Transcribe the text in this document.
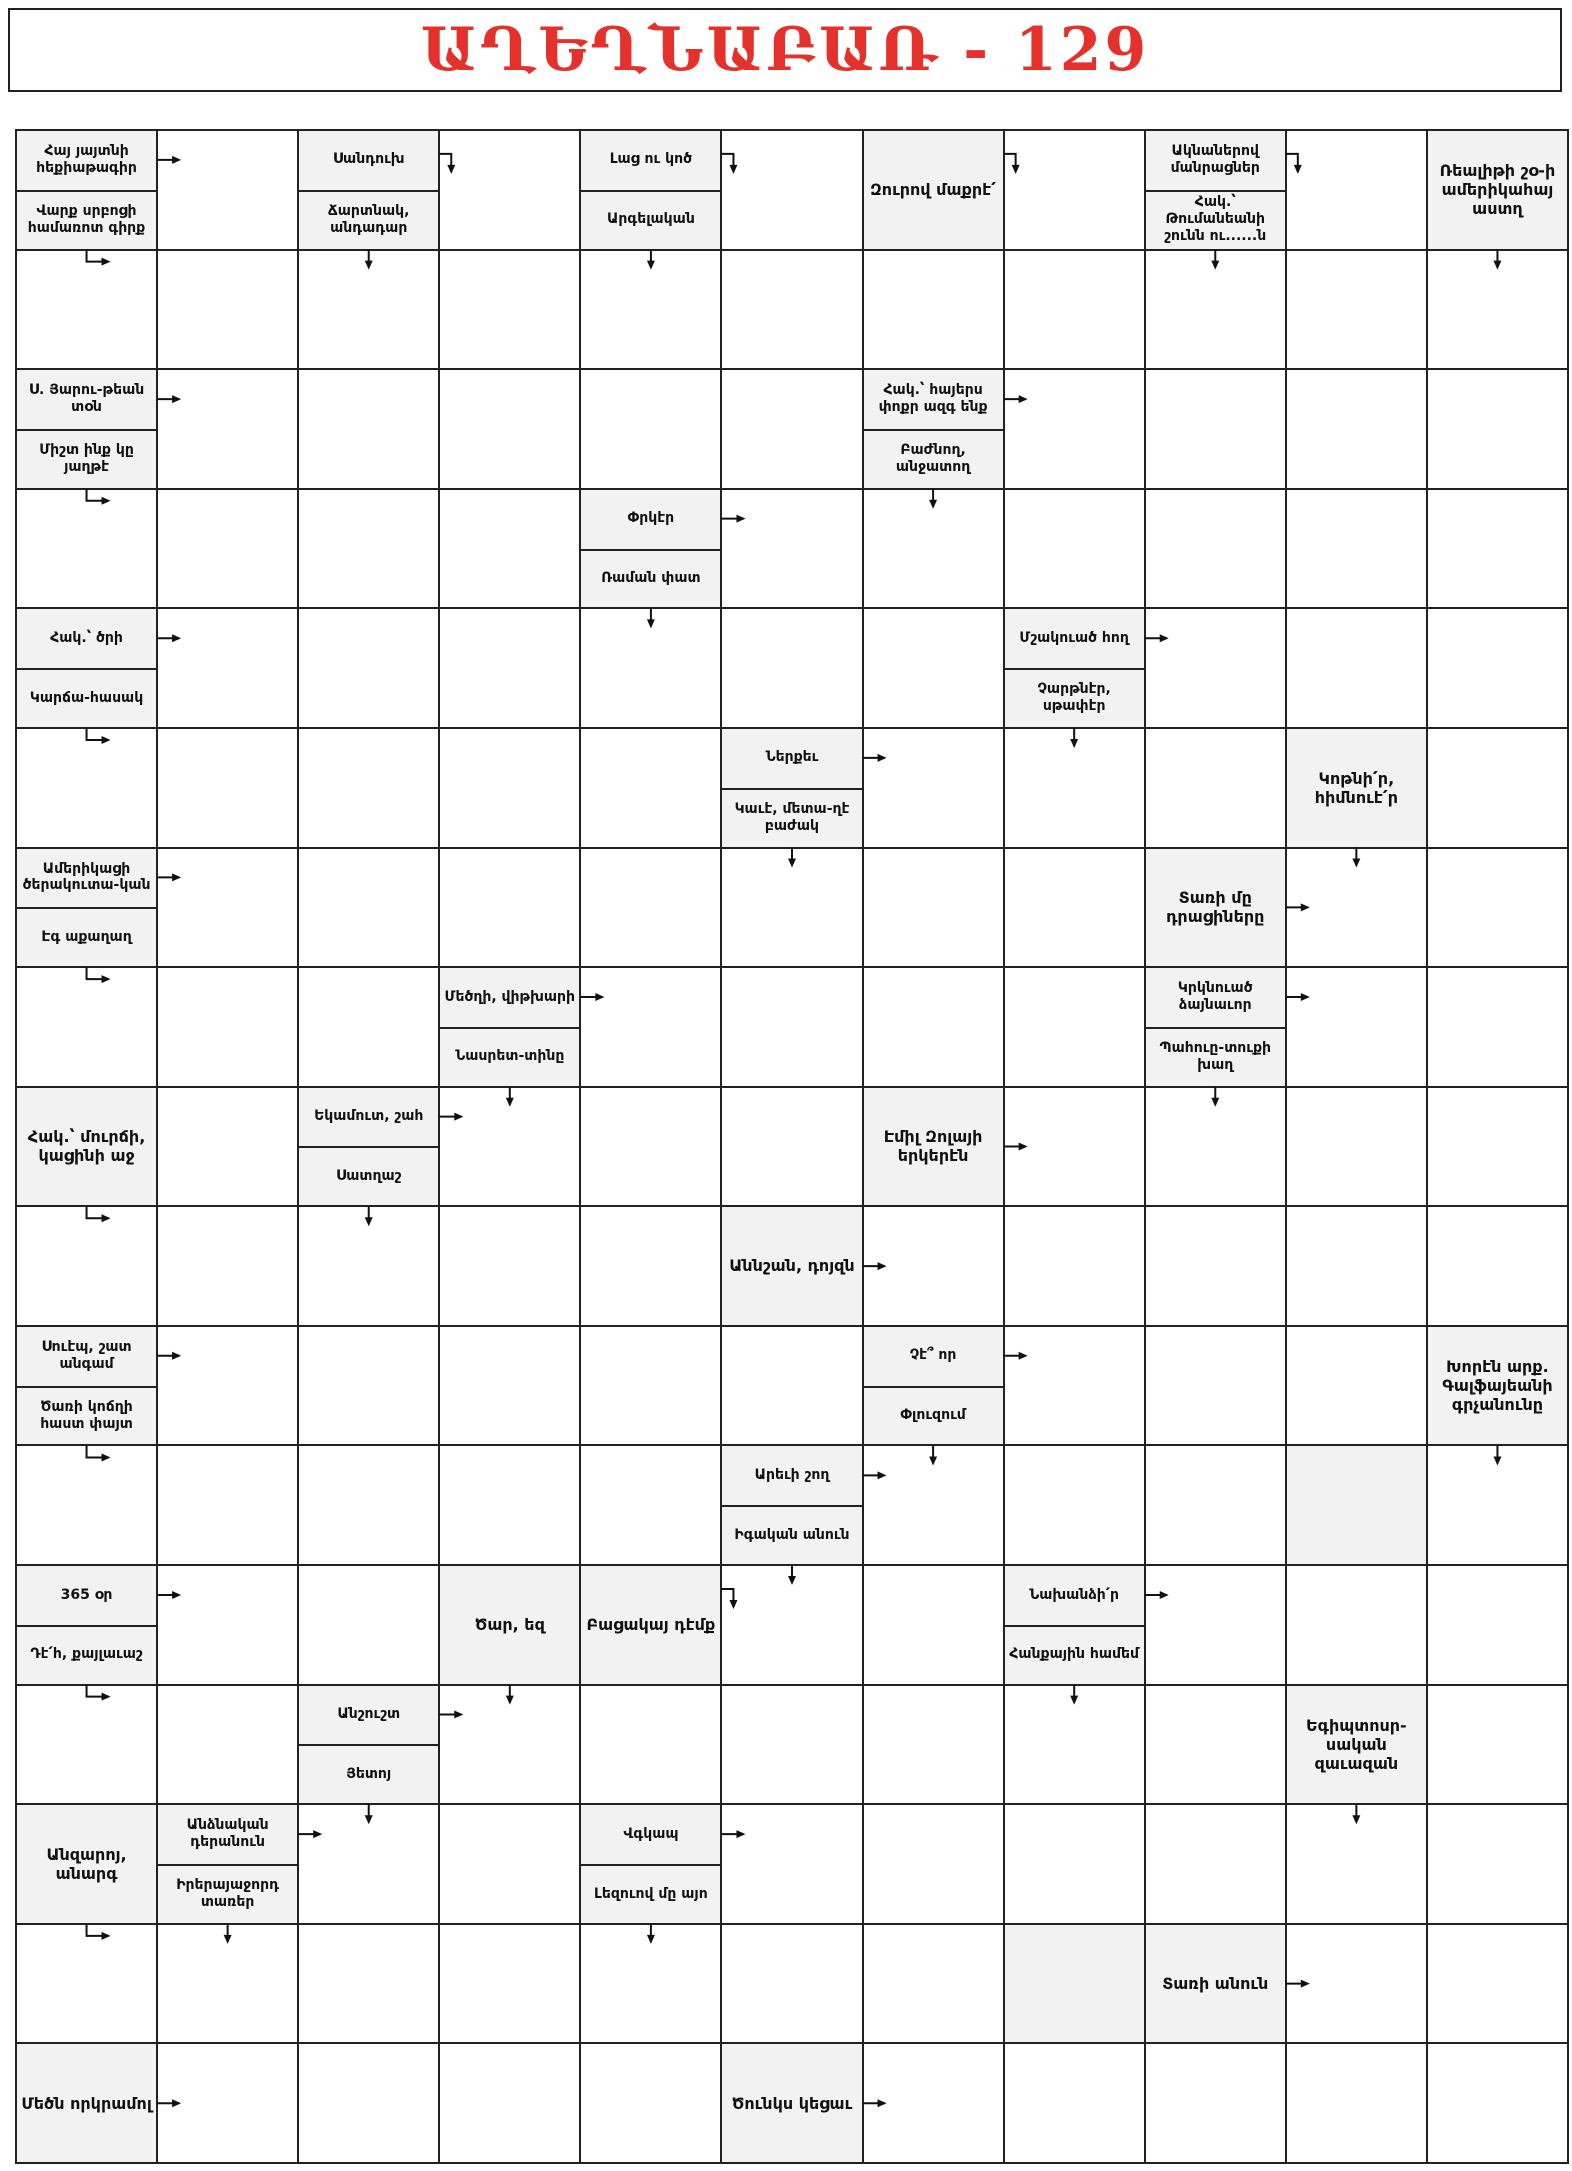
ԱՂԵՂՆԱԲԱՌ - 129
Հայ յայտնի հեքիաթագիր
Վարք սրբոցի համառոտ գիրք
Սանդուխ
Ճարտնակ, անդադար
Լաց ու կոծ
Արգելական
Զուրով մաքրէ՛
Ակնաներով մանրացներ
Հակ.՝ Թումանեանի շունն ու......ն
Ռեալիթի շօ-ի ամերիկահայ աստղ
Ս. Յարու-թեան տօն
Միշտ ինք կը յաղթէ
Հակ.՝ հայերս փոքր ազգ ենք
Բաժնող, անջատող
Փրկէր
Ռաման փատ
Հակ.՝ ծրի
Կարճա-հասակ
Մշակուած հող
Չարթնէր, սթափէր
Ներքեւ
Կաւէ, մետա-ղէ բաժակ
Կոթնի՛ր, հիմնուէ՛ր
Ամերիկացի ծերակուտա-կան
Էգ աքաղաղ
Տառի մը դրացիները
Մեծղի, վիթխարի
Նասրետ-տինը
Կրկնուած ձայնաւոր
Պահուը-տուքի խաղ
Հակ.՝ մուրճի, կացինի աջ
Եկամուտ, շահ
Սատղաշ
Էմիլ Զոլայի երկերէն
Աննշան, դոյզն
Սուէպ, շատ անգամ
Ծառի կոճղի հաստ փայտ
Չէ՞ որ
Փլուզում
Խորէն արք. Գալֆայեանի գրչանունը
Արեւի շող
Իգական անուն
365 օր
Դէ՛հ, քայլաւաշ
Ծար, եզ	Բացակայ դէմք
Նախանձի՛ր
Հանքային համեմ
Անշուշտ
Յետոյ
Եգիպտոսր-սական զաւազան
Անզարոյ, անարգ
Անձնական դերանուն
Իրերայաջորդ տառեր
Վգկապ
Լեզուով մը այո
Տառի անուն
Մեծն որկրամոլ	Ծունկս կեցաւ
